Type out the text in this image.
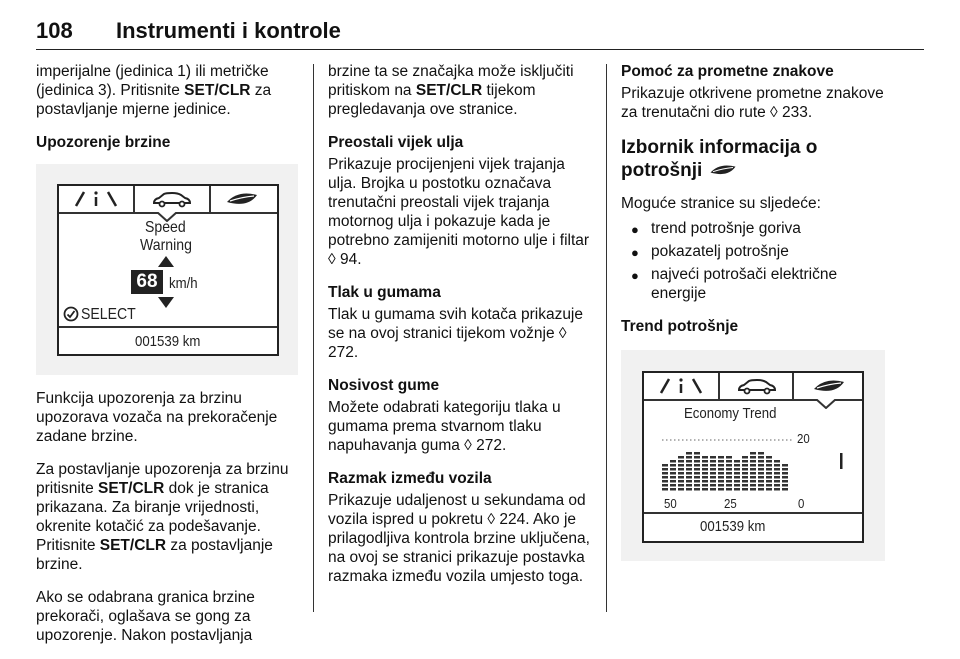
108 Instrumenti i kontrole

imperijalne (jedinica 1) ili metričke (jedinica 3). Pritisnite SET/CLR za postavljanje mjerne jedinice.

Upozorenje brzine

Speed
Warning
68 km/h
SELECT
001539 km

Funkcija upozorenja za brzinu upozorava vozača na prekoračenje zadane brzine.

Za postavljanje upozorenja za brzinu pritisnite SET/CLR dok je stranica prikazana. Za biranje vrijednosti, okrenite kotačić za podešavanje. Pritisnite SET/CLR za postavljanje brzine.

Ako se odabrana granica brzine prekorači, oglašava se gong za upozorenje. Nakon postavljanja

brzine ta se značajka može isključiti pritiskom na SET/CLR tijekom pregledavanja ove stranice.

Preostali vijek ulja

Prikazuje procijenjeni vijek trajanja ulja. Brojka u postotku označava trenutačni preostali vijek trajanja motornog ulja i pokazuje kada je potrebno zamijeniti motorno ulje i filtar ◊ 94.

Tlak u gumama

Tlak u gumama svih kotača prikazuje se na ovoj stranici tijekom vožnje ◊ 272.

Nosivost gume

Možete odabrati kategoriju tlaka u gumama prema stvarnom tlaku napuhavanja guma ◊ 272.

Razmak između vozila

Prikazuje udaljenost u sekundama od vozila ispred u pokretu ◊ 224. Ako je prilagodljiva kontrola brzine uključena, na ovoj se stranici prikazuje postavka razmaka između vozila umjesto toga.

Pomoć za prometne znakove

Prikazuje otkrivene prometne znakove za trenutačni dio rute ◊ 233.

Izbornik informacija o
potrošnji

Moguće stranice su sljedeće:

● trend potrošnje goriva
● pokazatelj potrošnje
● najveći potrošači električne energije

Trend potrošnje

Economy Trend
20
50	25	0
001539 km
